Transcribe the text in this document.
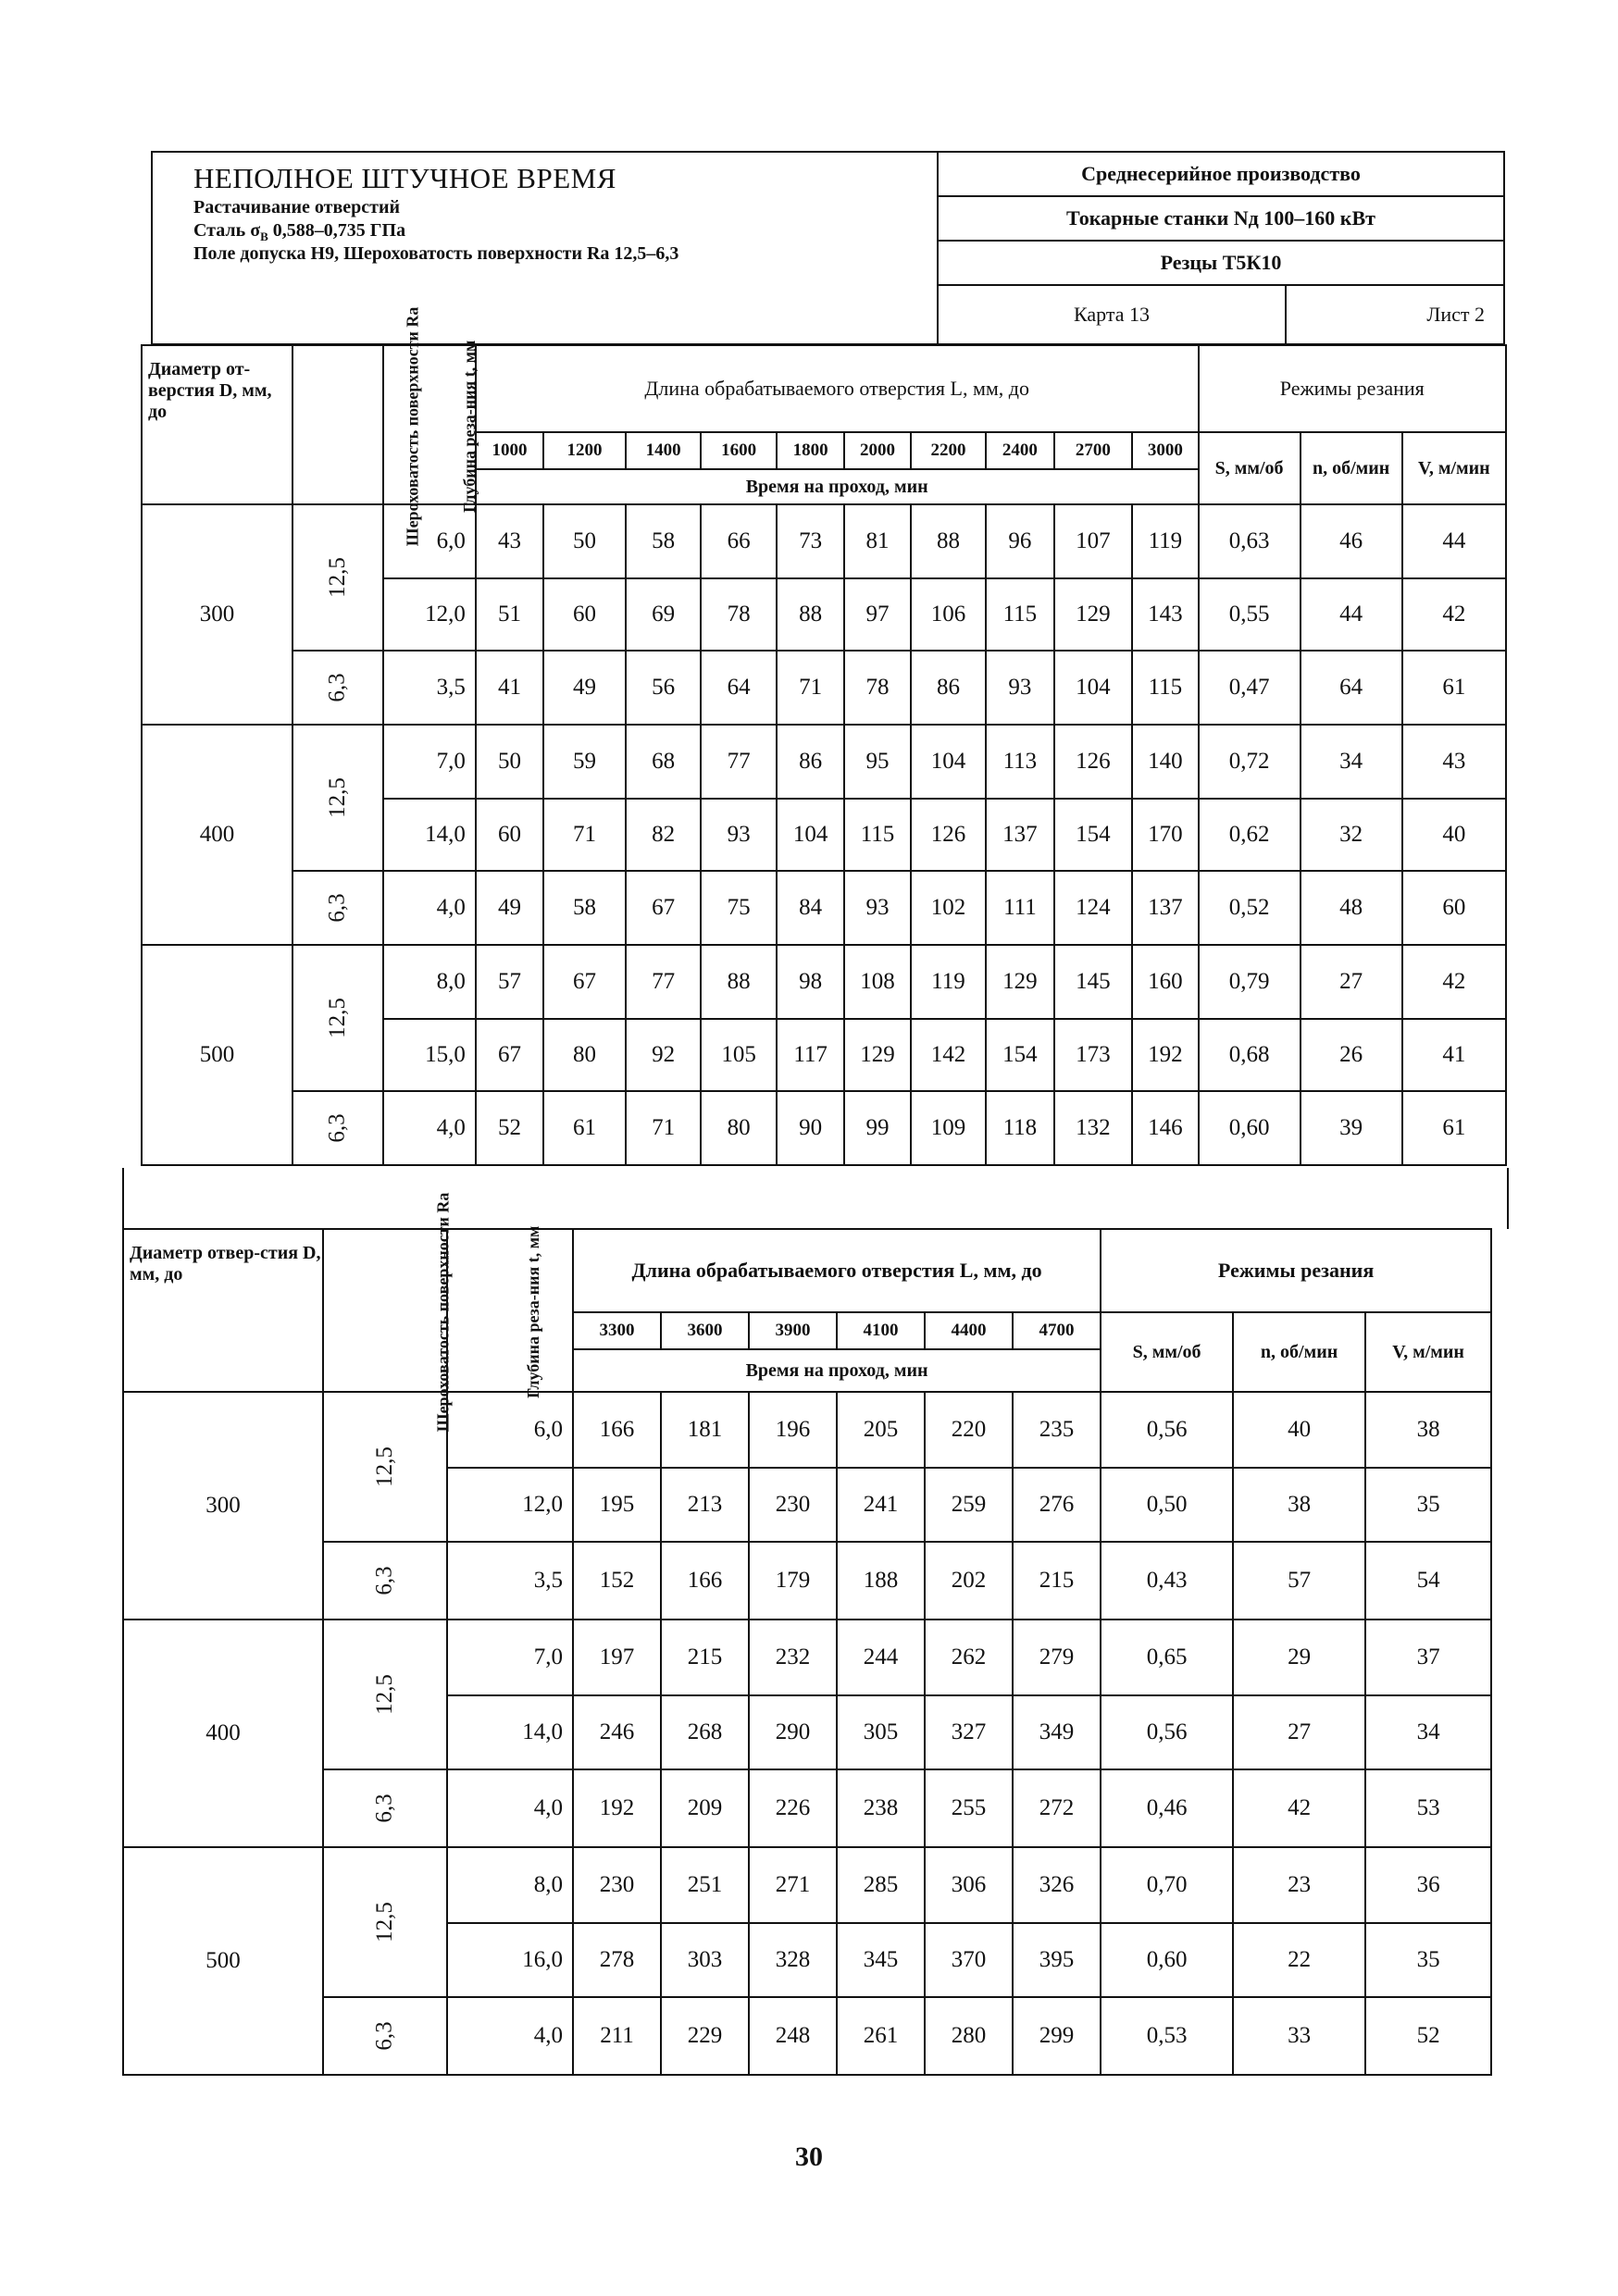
НЕПОЛНОЕ ШТУЧНОЕ ВРЕМЯ
Растачивание отверстий
Сталь $\sigma_В$ 0,588–0,735 ГПа
Поле допуска Н9, Шероховатость поверхности Ra 12,5–6,3
Среднесерийное производство
Токарные станки Nд 100–160 кВт
Резцы Т5К10
Карта 13	Лист 2
Диаметр от-верстия D, мм, до	Шероховатость поверхности Ra	Глубина реза-ния t, мм	Длина обрабатываемого отверстия L, мм, до										Режимы резания		
			1000	1200	1400	1600	1800	2000	2200	2400	2700	3000	S, мм/об	n, об/мин	V, м/мин
			Время на проход, мин												
300	12,5	6,0	43	50	58	66	73	81	88	96	107	119	0,63	46	44
		12,0	51	60	69	78	88	97	106	115	129	143	0,55	44	42
	6,3	3,5	41	49	56	64	71	78	86	93	104	115	0,47	64	61
400	12,5	7,0	50	59	68	77	86	95	104	113	126	140	0,72	34	43
		14,0	60	71	82	93	104	115	126	137	154	170	0,62	32	40
	6,3	4,0	49	58	67	75	84	93	102	111	124	137	0,52	48	60
500	12,5	8,0	57	67	77	88	98	108	119	129	145	160	0,79	27	42
		15,0	67	80	92	105	117	129	142	154	173	192	0,68	26	41
	6,3	4,0	52	61	71	80	90	99	109	118	132	146	0,60	39	61
Диаметр отвер-стия D, мм, до	Шероховатость поверхности Ra	Глубина реза-ния t, мм	Длина обрабатываемого отверстия L, мм, до						Режимы резания		
			3300	3600	3900	4100	4400	4700	S, мм/об	n, об/мин	V, м/мин
			Время на проход, мин								
300	12,5	6,0	166	181	196	205	220	235	0,56	40	38
		12,0	195	213	230	241	259	276	0,50	38	35
	6,3	3,5	152	166	179	188	202	215	0,43	57	54
400	12,5	7,0	197	215	232	244	262	279	0,65	29	37
		14,0	246	268	290	305	327	349	0,56	27	34
	6,3	4,0	192	209	226	238	255	272	0,46	42	53
500	12,5	8,0	230	251	271	285	306	326	0,70	23	36
		16,0	278	303	328	345	370	395	0,60	22	35
	6,3	4,0	211	229	248	261	280	299	0,53	33	52
30
